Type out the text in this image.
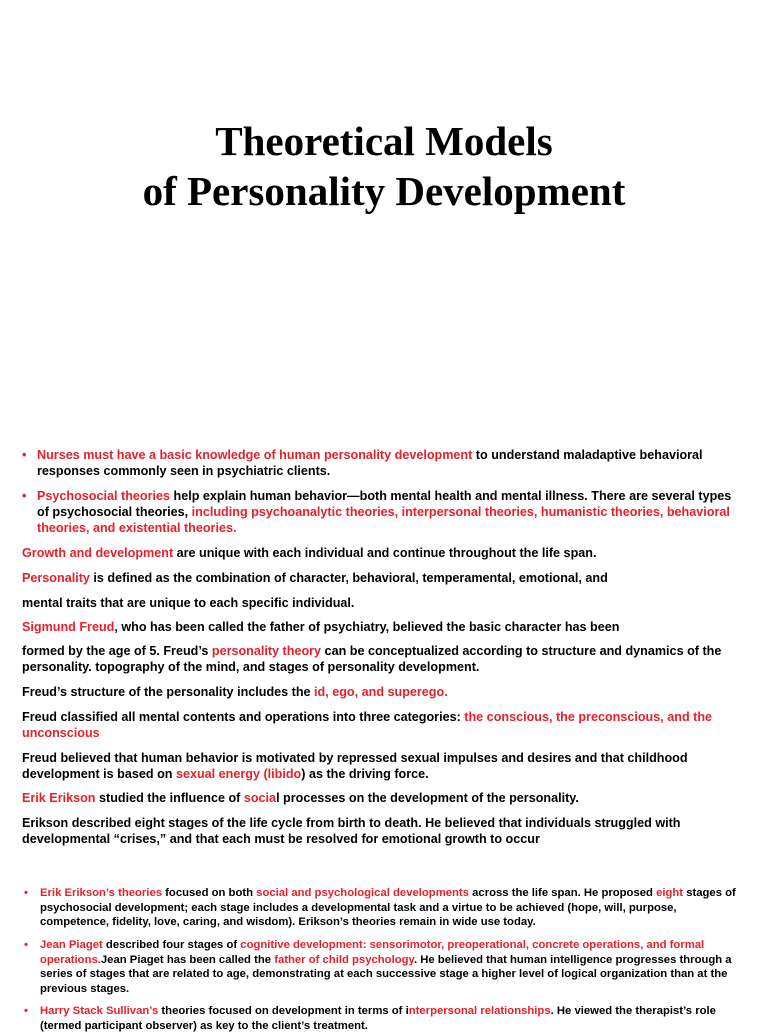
Theoretical Models
of Personality Development
• Nurses must have a basic knowledge of human personality development to understand maladaptive behavioral responses commonly seen in psychiatric clients.
• Psychosocial theories help explain human behavior—both mental health and mental illness. There are several types of psychosocial theories, including psychoanalytic theories, interpersonal theories, humanistic theories, behavioral theories, and existential theories.
Growth and development are unique with each individual and continue throughout the life span.
Personality is defined as the combination of character, behavioral, temperamental, emotional, and
mental traits that are unique to each specific individual.
Sigmund Freud, who has been called the father of psychiatry, believed the basic character has been
formed by the age of 5. Freud’s personality theory can be conceptualized according to structure and dynamics of the personality. topography of the mind, and stages of personality development.
Freud’s structure of the personality includes the id, ego, and superego.
Freud classified all mental contents and operations into three categories: the conscious, the preconscious, and the unconscious
Freud believed that human behavior is motivated by repressed sexual impulses and desires and that childhood development is based on sexual energy (libido) as the driving force.
Erik Erikson studied the influence of social processes on the development of the personality.
Erikson described eight stages of the life cycle from birth to death. He believed that individuals struggled with developmental “crises,” and that each must be resolved for emotional growth to occur
• Erik Erikson’s theories focused on both social and psychological developments across the life span. He proposed eight stages of psychosocial development; each stage includes a developmental task and a virtue to be achieved (hope, will, purpose, competence, fidelity, love, caring, and wisdom). Erikson’s theories remain in wide use today.
• Jean Piaget described four stages of cognitive development: sensorimotor, preoperational, concrete operations, and formal operations.Jean Piaget has been called the father of child psychology. He believed that human intelligence progresses through a series of stages that are related to age, demonstrating at each successive stage a higher level of logical organization than at the previous stages.
• Harry Stack Sullivan’s theories focused on development in terms of interpersonal relationships. He viewed the therapist’s role (termed participant observer) as key to the client’s treatment.
